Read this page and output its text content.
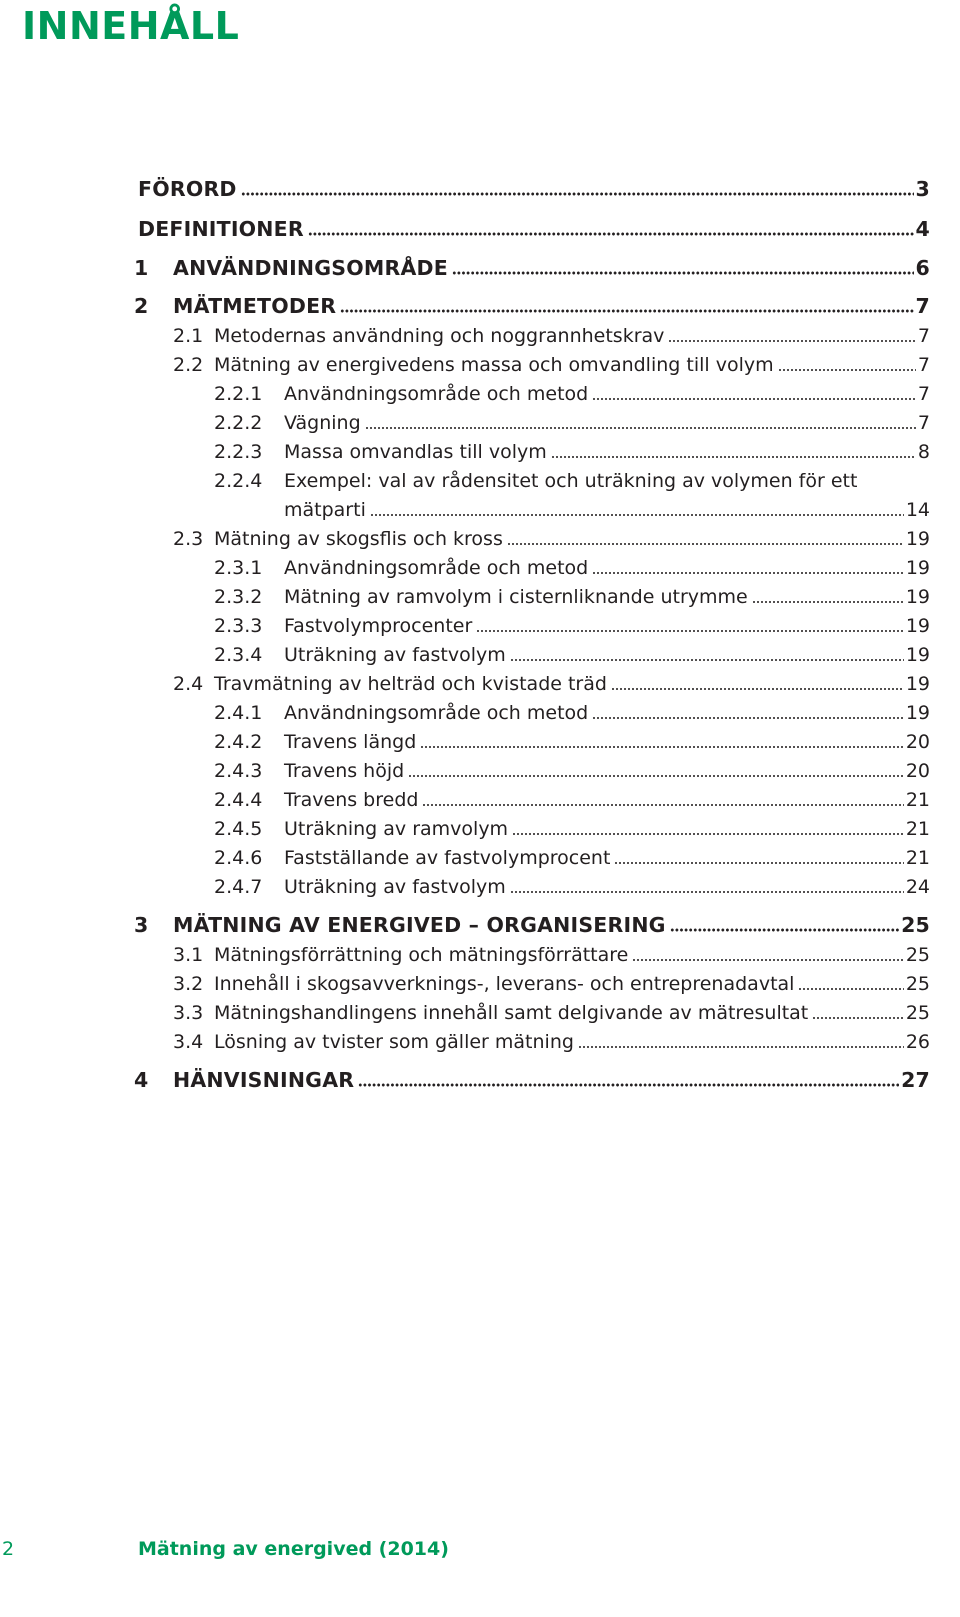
INNEHÅLL
FÖRORD	3
DEFINITIONER	4
1 ANVÄNDNINGSOMRÅDE	6
2 MÄTMETODER	7
2.1 Metodernas användning och noggrannhetskrav	7
2.2 Mätning av energivedens massa och omvandling till volym	7
2.2.1 Användningsområde och metod	7
2.2.2 Vägning	7
2.2.3 Massa omvandlas till volym	8
2.2.4 Exempel: val av rådensitet och uträkning av volymen för ett
mätparti	14
2.3 Mätning av skogsflis och kross	19
2.3.1 Användningsområde och metod	19
2.3.2 Mätning av ramvolym i cisternliknande utrymme	19
2.3.3 Fastvolymprocenter	19
2.3.4 Uträkning av fastvolym	19
2.4 Travmätning av helträd och kvistade träd	19
2.4.1 Användningsområde och metod	19
2.4.2 Travens längd	20
2.4.3 Travens höjd	20
2.4.4 Travens bredd	21
2.4.5 Uträkning av ramvolym	21
2.4.6 Fastställande av fastvolymprocent	21
2.4.7 Uträkning av fastvolym	24
3 MÄTNING AV ENERGIVED – ORGANISERING	25
3.1 Mätningsförrättning och mätningsförrättare	25
3.2 Innehåll i skogsavverknings-, leverans- och entreprenadavtal	25
3.3 Mätningshandlingens innehåll samt delgivande av mätresultat	25
3.4 Lösning av tvister som gäller mätning	26
4 HÄNVISNINGAR	27
2	Mätning av energived (2014)
